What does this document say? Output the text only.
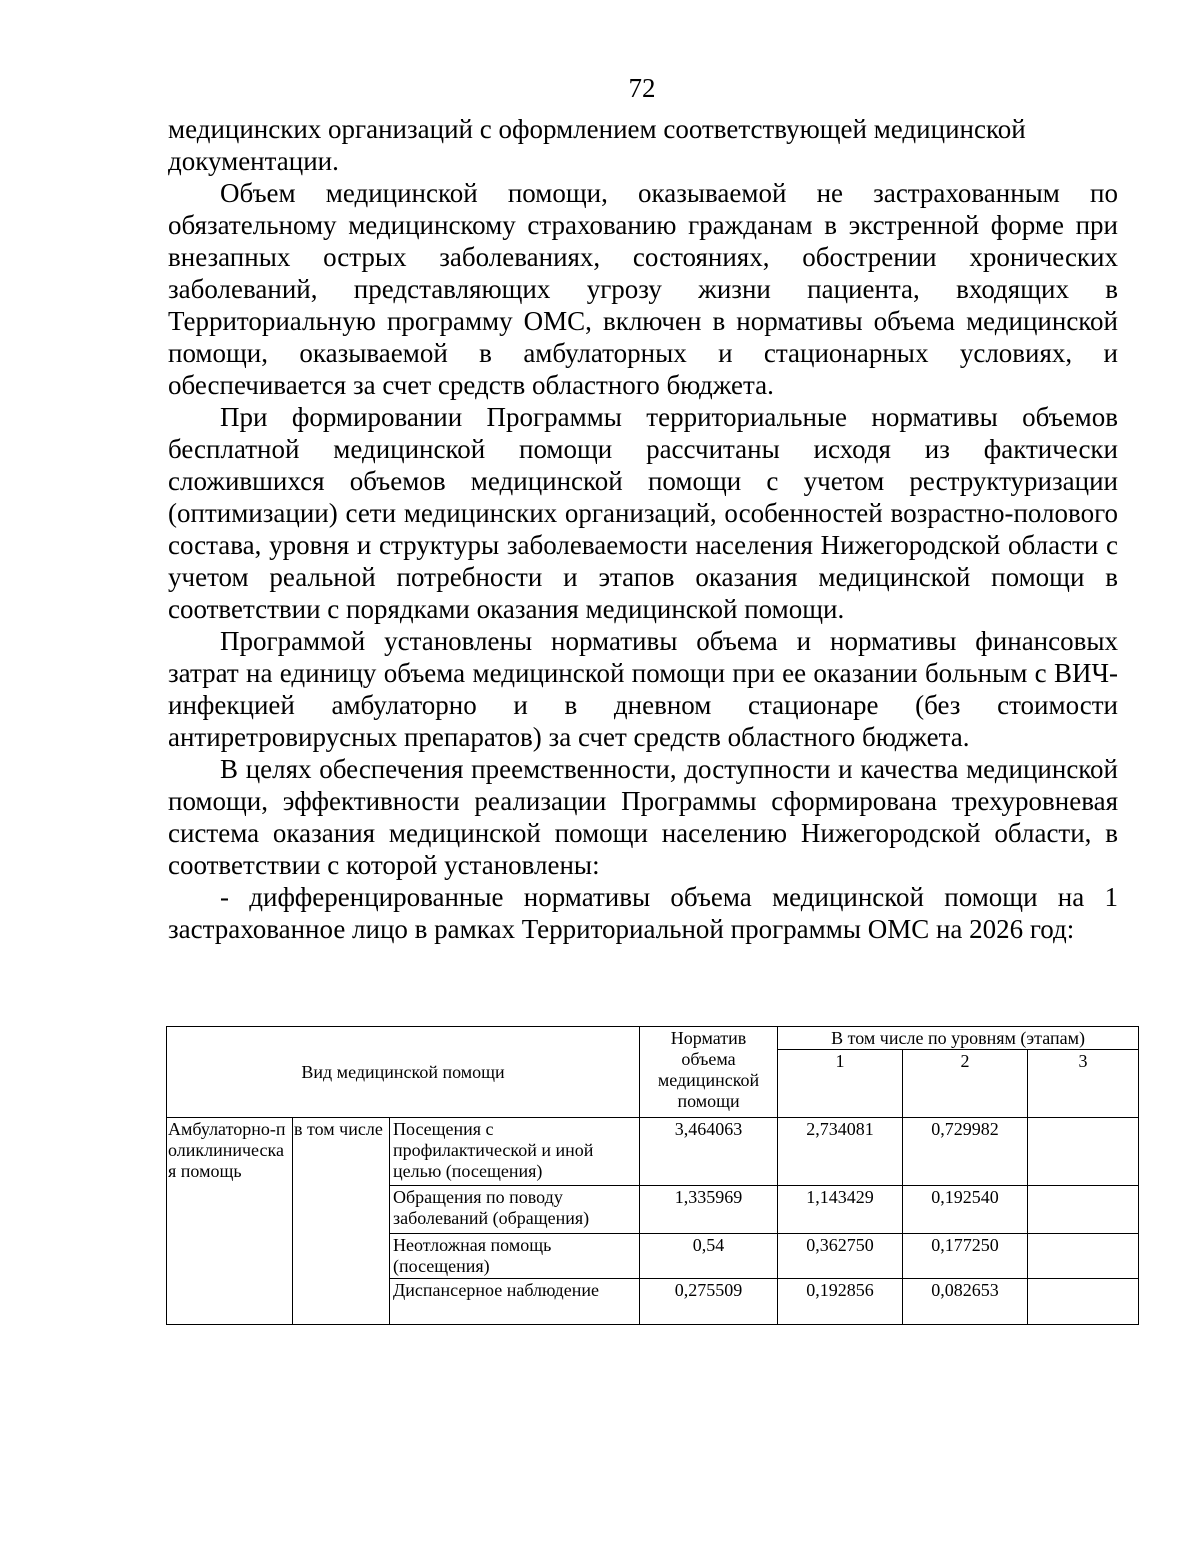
72

медицинских организаций с оформлением соответствующей медицинской документации.

Объем медицинской помощи, оказываемой не застрахованным по обязательному медицинскому страхованию гражданам в экстренной форме при внезапных острых заболеваниях, состояниях, обострении хронических заболеваний, представляющих угрозу жизни пациента, входящих в Территориальную программу ОМС, включен в нормативы объема медицинской помощи, оказываемой в амбулаторных и стационарных условиях, и обеспечивается за счет средств областного бюджета.

При формировании Программы территориальные нормативы объемов бесплатной медицинской помощи рассчитаны исходя из фактически сложившихся объемов медицинской помощи с учетом реструктуризации (оптимизации) сети медицинских организаций, особенностей возрастно-полового состава, уровня и структуры заболеваемости населения Нижегородской области с учетом реальной потребности и этапов оказания медицинской помощи в соответствии с порядками оказания медицинской помощи.

Программой установлены нормативы объема и нормативы финансовых затрат на единицу объема медицинской помощи при ее оказании больным с ВИЧ-инфекцией амбулаторно и в дневном стационаре (без стоимости антиретровирусных препаратов) за счет средств областного бюджета.

В целях обеспечения преемственности, доступности и качества медицинской помощи, эффективности реализации Программы сформирована трехуровневая система оказания медицинской помощи населению Нижегородской области, в соответствии с которой установлены:

- дифференцированные нормативы объема медицинской помощи на 1 застрахованное лицо в рамках Территориальной программы ОМС на 2026 год:

Вид медицинской помощи			Норматив объема медицинской помощи	В том числе по уровням (этапам)		
				1	2	3
Амбулаторно-поликлиническая помощь	в том числе	Посещения с профилактической и иной целью (посещения)	3,464063	2,734081	0,729982	
		Обращения по поводу заболеваний (обращения)	1,335969	1,143429	0,192540	
		Неотложная помощь (посещения)	0,54	0,362750	0,177250	
		Диспансерное наблюдение	0,275509	0,192856	0,082653	
